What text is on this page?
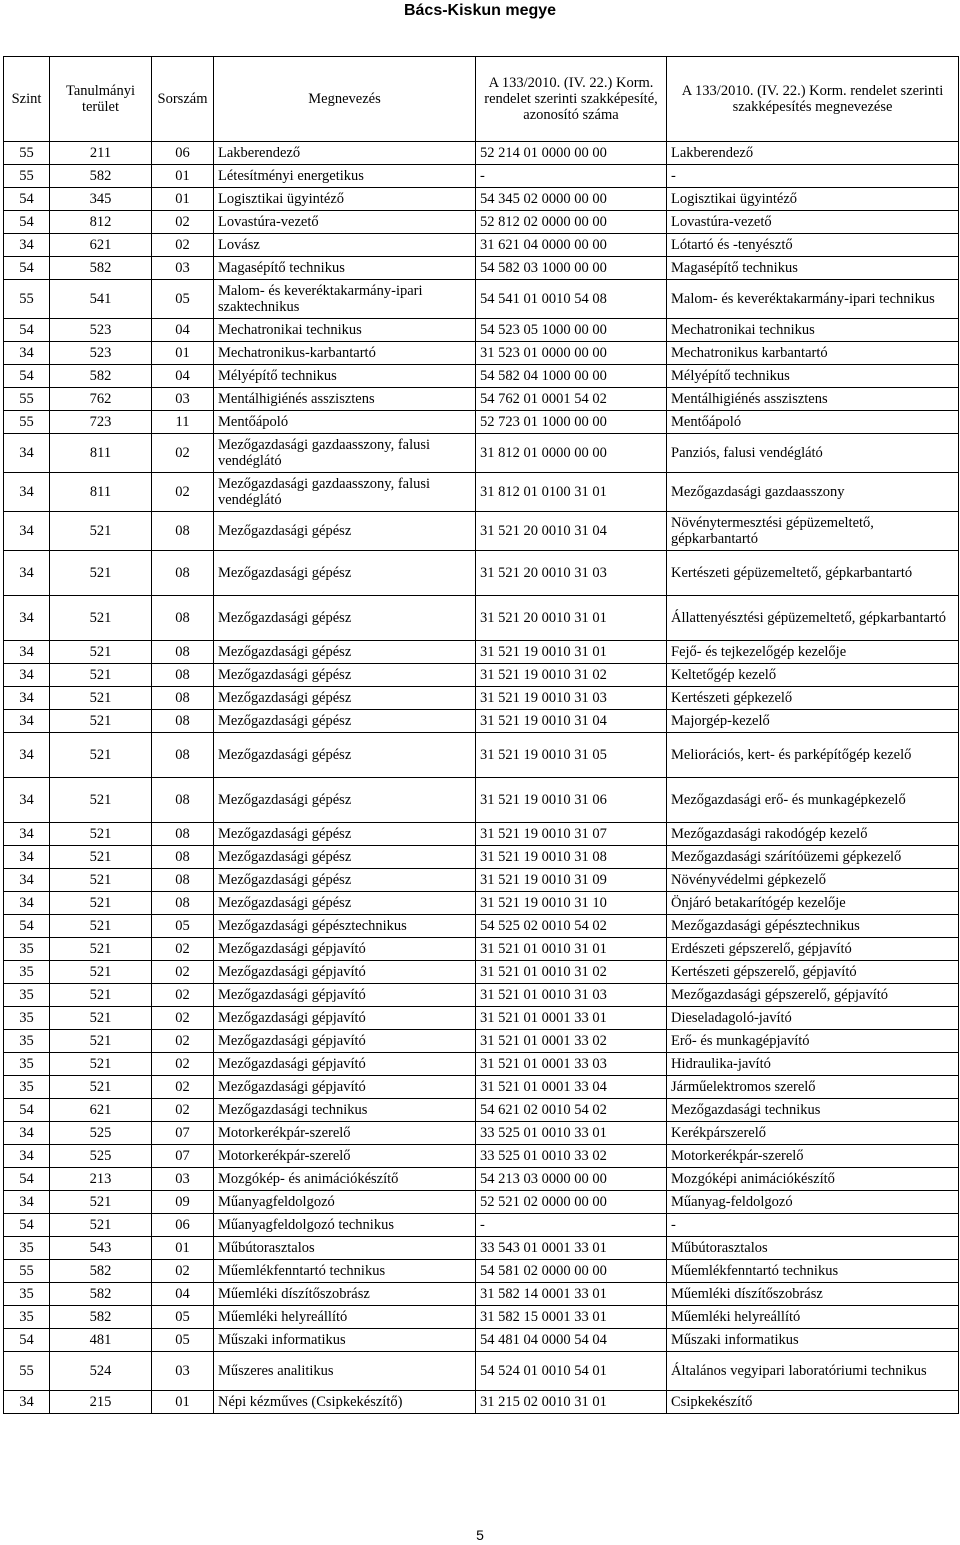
Bács-Kiskun megye
Szint	Tanulmányi terület	Sorszám	Megnevezés	A 133/2010. (IV. 22.) Korm. rendelet szerinti szakképesíté, azonosító száma	A 133/2010. (IV. 22.) Korm. rendelet szerinti szakképesítés megnevezése
55	211	06	Lakberendező	52 214 01 0000 00 00	Lakberendező
55	582	01	Létesítményi energetikus	-	-
54	345	01	Logisztikai ügyintéző	54 345 02 0000 00 00	Logisztikai ügyintéző
54	812	02	Lovastúra-vezető	52 812 02 0000 00 00	Lovastúra-vezető
34	621	02	Lovász	31 621 04 0000 00 00	Lótartó és -tenyésztő
54	582	03	Magasépítő technikus	54 582 03 1000 00 00	Magasépítő technikus
55	541	05	Malom- és keveréktakarmány-ipari szaktechnikus	54 541 01 0010 54 08	Malom- és keveréktakarmány-ipari technikus
54	523	04	Mechatronikai technikus	54 523 05 1000 00 00	Mechatronikai technikus
34	523	01	Mechatronikus-karbantartó	31 523 01 0000 00 00	Mechatronikus karbantartó
54	582	04	Mélyépítő technikus	54 582 04 1000 00 00	Mélyépítő technikus
55	762	03	Mentálhigiénés asszisztens	54 762 01 0001 54 02	Mentálhigiénés asszisztens
55	723	11	Mentőápoló	52 723 01 1000 00 00	Mentőápoló
34	811	02	Mezőgazdasági gazdaasszony, falusi vendéglátó	31 812 01 0000 00 00	Panziós, falusi vendéglátó
34	811	02	Mezőgazdasági gazdaasszony, falusi vendéglátó	31 812 01 0100 31 01	Mezőgazdasági gazdaasszony
34	521	08	Mezőgazdasági gépész	31 521 20 0010 31 04	Növénytermesztési gépüzemeltető, gépkarbantartó
34	521	08	Mezőgazdasági gépész	31 521 20 0010 31 03	Kertészeti gépüzemeltető, gépkarbantartó
34	521	08	Mezőgazdasági gépész	31 521 20 0010 31 01	Állattenyésztési gépüzemeltető, gépkarbantartó
34	521	08	Mezőgazdasági gépész	31 521 19 0010 31 01	Fejő- és tejkezelőgép kezelője
34	521	08	Mezőgazdasági gépész	31 521 19 0010 31 02	Keltetőgép kezelő
34	521	08	Mezőgazdasági gépész	31 521 19 0010 31 03	Kertészeti gépkezelő
34	521	08	Mezőgazdasági gépész	31 521 19 0010 31 04	Majorgép-kezelő
34	521	08	Mezőgazdasági gépész	31 521 19 0010 31 05	Meliorációs, kert- és parképítőgép kezelő
34	521	08	Mezőgazdasági gépész	31 521 19 0010 31 06	Mezőgazdasági erő- és munkagépkezelő
34	521	08	Mezőgazdasági gépész	31 521 19 0010 31 07	Mezőgazdasági rakodógép kezelő
34	521	08	Mezőgazdasági gépész	31 521 19 0010 31 08	Mezőgazdasági szárítóüzemi gépkezelő
34	521	08	Mezőgazdasági gépész	31 521 19 0010 31 09	Növényvédelmi gépkezelő
34	521	08	Mezőgazdasági gépész	31 521 19 0010 31 10	Önjáró betakarítógép kezelője
54	521	05	Mezőgazdasági gépésztechnikus	54 525 02 0010 54 02	Mezőgazdasági gépésztechnikus
35	521	02	Mezőgazdasági gépjavító	31 521 01 0010 31 01	Erdészeti gépszerelő, gépjavító
35	521	02	Mezőgazdasági gépjavító	31 521 01 0010 31 02	Kertészeti gépszerelő, gépjavító
35	521	02	Mezőgazdasági gépjavító	31 521 01 0010 31 03	Mezőgazdasági gépszerelő, gépjavító
35	521	02	Mezőgazdasági gépjavító	31 521 01 0001 33 01	Dieseladagoló-javító
35	521	02	Mezőgazdasági gépjavító	31 521 01 0001 33 02	Erő- és munkagépjavító
35	521	02	Mezőgazdasági gépjavító	31 521 01 0001 33 03	Hidraulika-javító
35	521	02	Mezőgazdasági gépjavító	31 521 01 0001 33 04	Járműelektromos szerelő
54	621	02	Mezőgazdasági technikus	54 621 02 0010 54 02	Mezőgazdasági technikus
34	525	07	Motorkerékpár-szerelő	33 525 01 0010 33 01	Kerékpárszerelő
34	525	07	Motorkerékpár-szerelő	33 525 01 0010 33 02	Motorkerékpár-szerelő
54	213	03	Mozgókép- és animációkészítő	54 213 03 0000 00 00	Mozgóképi animációkészítő
34	521	09	Műanyagfeldolgozó	52 521 02 0000 00 00	Műanyag-feldolgozó
54	521	06	Műanyagfeldolgozó technikus	-	-
35	543	01	Műbútorasztalos	33 543 01 0001 33 01	Műbútorasztalos
55	582	02	Műemlékfenntartó technikus	54 581 02 0000 00 00	Műemlékfenntartó technikus
35	582	04	Műemléki díszítőszobrász	31 582 14 0001 33 01	Műemléki díszítőszobrász
35	582	05	Műemléki helyreállító	31 582 15 0001 33 01	Műemléki helyreállító
54	481	05	Műszaki informatikus	54 481 04 0000 54 04	Műszaki informatikus
55	524	03	Műszeres analitikus	54 524 01 0010 54 01	Általános vegyipari laboratóriumi technikus
34	215	01	Népi kézműves (Csipkekészítő)	31 215 02 0010 31 01	Csipkekészítő
5
